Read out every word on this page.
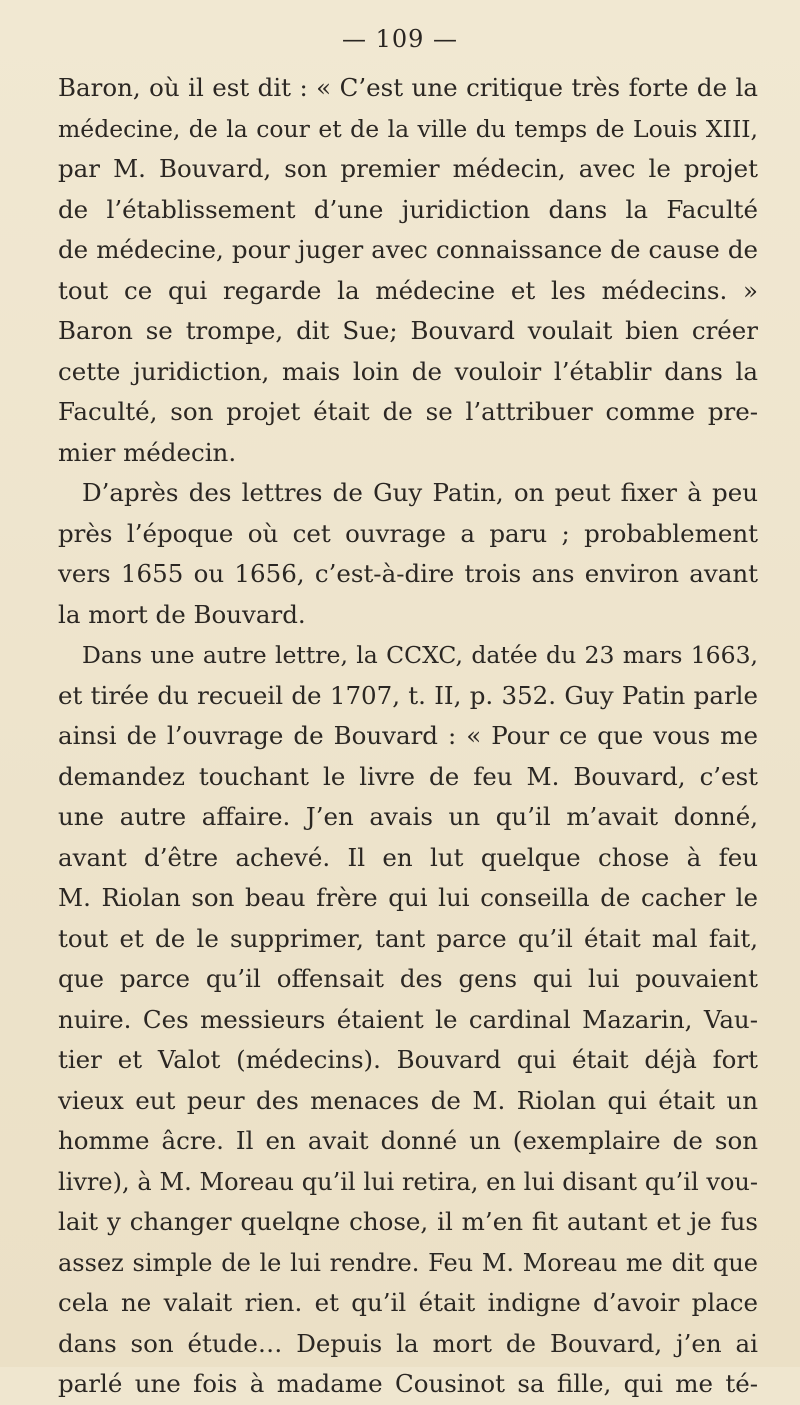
— 109 —
Baron, où il est dit : « C’est une critique très forte de la
médecine, de la cour et de la ville du temps de Louis XIII,
par M. Bouvard, son premier médecin, avec le projet
de l’établissement d’une juridiction dans la Faculté
de médecine, pour juger avec connaissance de cause de
tout ce qui regarde la médecine et les médecins. »
Baron se trompe, dit Sue; Bouvard voulait bien créer
cette juridiction, mais loin de vouloir l’établir dans la
Faculté, son projet était de se l’attribuer comme pre-
mier médecin.
D’après des lettres de Guy Patin, on peut fixer à peu
près l’époque où cet ouvrage a paru ; probablement
vers 1655 ou 1656, c’est-à-dire trois ans environ avant
la mort de Bouvard.
Dans une autre lettre, la CCXC, datée du 23 mars 1663,
et tirée du recueil de 1707, t. II, p. 352. Guy Patin parle
ainsi de l’ouvrage de Bouvard : « Pour ce que vous me
demandez touchant le livre de feu M. Bouvard, c’est
une autre affaire. J’en avais un qu’il m’avait donné,
avant d’être achevé. Il en lut quelque chose à feu
M. Riolan son beau frère qui lui conseilla de cacher le
tout et de le supprimer, tant parce qu’il était mal fait,
que parce qu’il offensait des gens qui lui pouvaient
nuire. Ces messieurs étaient le cardinal Mazarin, Vau-
tier et Valot (médecins). Bouvard qui était déjà fort
vieux eut peur des menaces de M. Riolan qui était un
homme âcre. Il en avait donné un (exemplaire de son
livre), à M. Moreau qu’il lui retira, en lui disant qu’il vou-
lait y changer quelqne chose, il m’en fit autant et je fus
assez simple de le lui rendre. Feu M. Moreau me dit que
cela ne valait rien. et qu’il était indigne d’avoir place
dans son étude… Depuis la mort de Bouvard, j’en ai
parlé une fois à madame Cousinot sa fille, qui me té-
